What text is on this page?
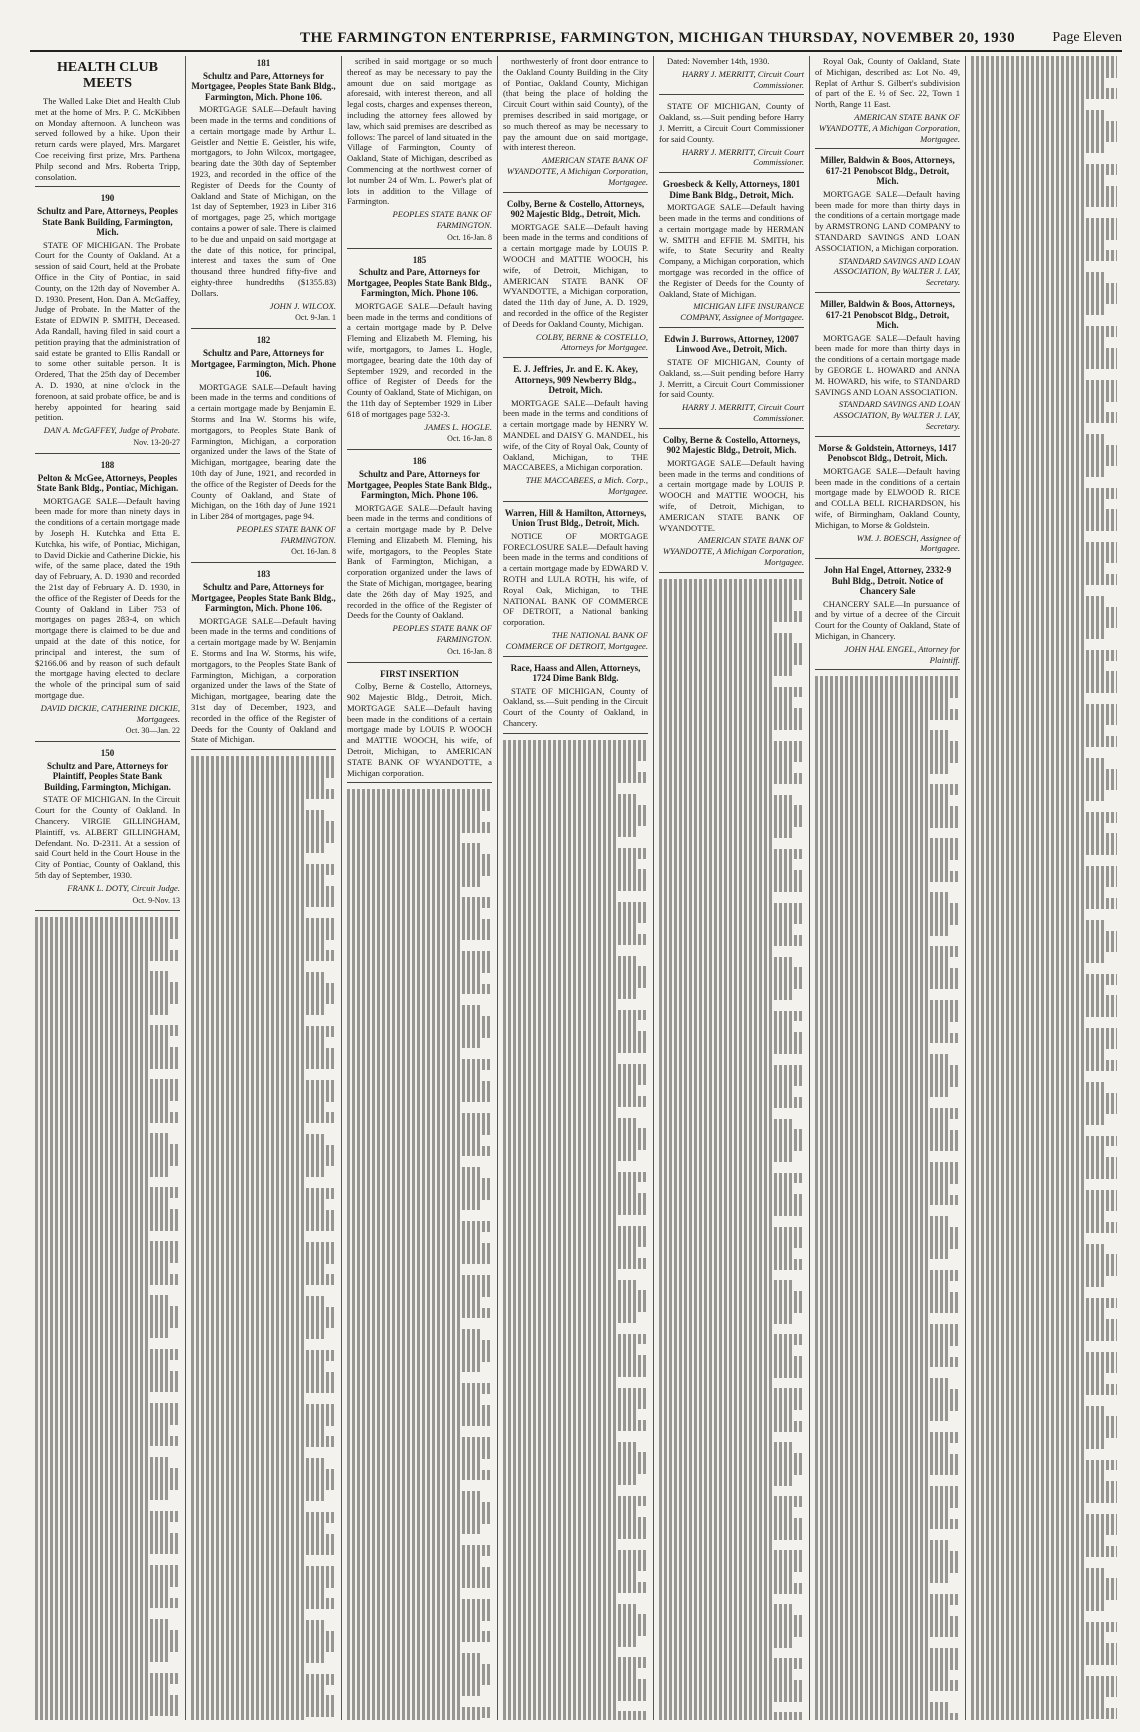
THE FARMINGTON ENTERPRISE, FARMINGTON, MICHIGAN THURSDAY, NOVEMBER 20, 1930	Page Eleven
HEALTH CLUB MEETS
The Walled Lake Diet and Health Club met at the home of Mrs. P. C. McKibben on Monday afternoon. A luncheon was served followed by a hike. Upon their return cards were played, Mrs. Margaret Coe receiving first prize, Mrs. Parthena Philp second and Mrs. Roberta Tripp, consolation.
190
Schultz and Pare, Attorneys, Peoples State Bank Building, Farmington, Mich.
STATE OF MICHIGAN. The Probate Court for the County of Oakland. At a session of said Court, held at the Probate Office in the City of Pontiac, in said County, on the 12th day of November A. D. 1930. Present, Hon. Dan A. McGaffey, Judge of Probate. In the Matter of the Estate of EDWIN P. SMITH, Deceased. Ada Randall, having filed in said court a petition praying that the administration of said estate be granted to Ellis Randall or to some other suitable person. It is Ordered, That the 25th day of December A. D. 1930, at nine o'clock in the forenoon, at said probate office, be and is hereby appointed for hearing said petition.
DAN A. McGAFFEY, Judge of Probate.
Nov. 13-20-27
188
Pelton & McGee, Attorneys, Peoples State Bank Bldg., Pontiac, Michigan.
MORTGAGE SALE—Default having been made for more than ninety days in the conditions of a certain mortgage made by Joseph H. Kutchka and Etta E. Kutchka, his wife, of Pontiac, Michigan, to David Dickie and Catherine Dickie, his wife, of the same place, dated the 19th day of February, A. D. 1930 and recorded the 21st day of February A. D. 1930, in the office of the Register of Deeds for the County of Oakland in Liber 753 of mortgages on pages 283-4, on which mortgage there is claimed to be due and unpaid at the date of this notice, for principal and interest, the sum of $2166.06 and by reason of such default the mortgage having elected to declare the whole of the principal sum of said mortgage due.
DAVID DICKIE, CATHERINE DICKIE, Mortgagees.
Oct. 30—Jan. 22
150
Schultz and Pare, Attorneys for Plaintiff, Peoples State Bank Building, Farmington, Michigan.
STATE OF MICHIGAN. In the Circuit Court for the County of Oakland. In Chancery. VIRGIE GILLINGHAM, Plaintiff, vs. ALBERT GILLINGHAM, Defendant. No. D-2311. At a session of said Court held in the Court House in the City of Pontiac, County of Oakland, this 5th day of September, 1930.
FRANK L. DOTY, Circuit Judge.
Oct. 9-Nov. 13
181
Schultz and Pare, Attorneys for Mortgagee, Peoples State Bank Bldg., Farmington, Mich. Phone 106.
MORTGAGE SALE—Default having been made in the terms and conditions of a certain mortgage made by Arthur L. Geistler and Nettie E. Geistler, his wife, mortgagors, to John Wilcox, mortgagee, bearing date the 30th day of September 1923, and recorded in the office of the Register of Deeds for the County of Oakland and State of Michigan, on the 1st day of September, 1923 in Liber 316 of mortgages, page 25, which mortgage contains a power of sale. There is claimed to be due and unpaid on said mortgage at the date of this notice, for principal, interest and taxes the sum of One thousand three hundred fifty-five and eighty-three hundredths ($1355.83) Dollars.
JOHN J. WILCOX.
Oct. 9-Jan. 1
182
Schultz and Pare, Attorneys for Mortgagee, Farmington, Mich. Phone 106.
MORTGAGE SALE—Default having been made in the terms and conditions of a certain mortgage made by Benjamin E. Storms and Ina W. Storms his wife, mortgagors, to Peoples State Bank of Farmington, Michigan, a corporation organized under the laws of the State of Michigan, mortgagee, bearing date the 10th day of June, 1921, and recorded in the office of the Register of Deeds for the County of Oakland, and State of Michigan, on the 16th day of June 1921 in Liber 284 of mortgages, page 94.
PEOPLES STATE BANK OF FARMINGTON.
Oct. 16-Jan. 8
183
Schultz and Pare, Attorneys for Mortgagee, Peoples State Bank Bldg., Farmington, Mich. Phone 106.
MORTGAGE SALE—Default having been made in the terms and conditions of a certain mortgage made by W. Benjamin E. Storms and Ina W. Storms, his wife, mortgagors, to the Peoples State Bank of Farmington, Michigan, a corporation organized under the laws of the State of Michigan, mortgagee, bearing date the 31st day of December, 1923, and recorded in the office of the Register of Deeds for the County of Oakland and State of Michigan.
scribed in said mortgage or so much thereof as may be necessary to pay the amount due on said mortgage as aforesaid, with interest thereon, and all legal costs, charges and expenses thereon, including the attorney fees allowed by law, which said premises are described as follows: The parcel of land situated in the Village of Farmington, County of Oakland, State of Michigan, described as Commencing at the northwest corner of lot number 24 of Wm. L. Power's plat of lots in addition to the Village of Farmington.
PEOPLES STATE BANK OF FARMINGTON.
Oct. 16-Jan. 8
185
Schultz and Pare, Attorneys for Mortgagee, Peoples State Bank Bldg., Farmington, Mich. Phone 106.
MORTGAGE SALE—Default having been made in the terms and conditions of a certain mortgage made by P. Delve Fleming and Elizabeth M. Fleming, his wife, mortgagors, to James L. Hogle, mortgagee, bearing date the 10th day of September 1929, and recorded in the office of Register of Deeds for the County of Oakland, State of Michigan, on the 11th day of September 1929 in Liber 618 of mortgages page 532-3.
JAMES L. HOGLE.
Oct. 16-Jan. 8
186
Schultz and Pare, Attorneys for Mortgagee, Peoples State Bank Bldg., Farmington, Mich. Phone 106.
MORTGAGE SALE—Default having been made in the terms and conditions of a certain mortgage made by P. Delve Fleming and Elizabeth M. Fleming, his wife, mortgagors, to the Peoples State Bank of Farmington, Michigan, a corporation organized under the laws of the State of Michigan, mortgagee, bearing date the 26th day of May 1925, and recorded in the office of the Register of Deeds for the County of Oakland.
PEOPLES STATE BANK OF FARMINGTON.
Oct. 16-Jan. 8
FIRST INSERTION
Colby, Berne & Costello, Attorneys, 902 Majestic Bldg., Detroit, Mich. MORTGAGE SALE—Default having been made in the conditions of a certain mortgage made by LOUIS P. WOOCH and MATTIE WOOCH, his wife, of Detroit, Michigan, to AMERICAN STATE BANK OF WYANDOTTE, a Michigan corporation.
northwesterly of front door entrance to the Oakland County Building in the City of Pontiac, Oakland County, Michigan (that being the place of holding the Circuit Court within said County), of the premises described in said mortgage, or so much thereof as may be necessary to pay the amount due on said mortgage, with interest thereon.
AMERICAN STATE BANK OF WYANDOTTE, A Michigan Corporation, Mortgagee.
Colby, Berne & Costello, Attorneys, 902 Majestic Bldg., Detroit, Mich.
MORTGAGE SALE—Default having been made in the terms and conditions of a certain mortgage made by LOUIS P. WOOCH and MATTIE WOOCH, his wife, of Detroit, Michigan, to AMERICAN STATE BANK OF WYANDOTTE, a Michigan corporation, dated the 11th day of June, A. D. 1929, and recorded in the office of the Register of Deeds for Oakland County, Michigan.
COLBY, BERNE & COSTELLO, Attorneys for Mortgagee.
E. J. Jeffries, Jr. and E. K. Akey, Attorneys, 909 Newberry Bldg., Detroit, Mich.
MORTGAGE SALE—Default having been made in the terms and conditions of a certain mortgage made by HENRY W. MANDEL and DAISY G. MANDEL, his wife, of the City of Royal Oak, County of Oakland, Michigan, to THE MACCABEES, a Michigan corporation.
THE MACCABEES, a Mich. Corp., Mortgagee.
Warren, Hill & Hamilton, Attorneys, Union Trust Bldg., Detroit, Mich.
NOTICE OF MORTGAGE FORECLOSURE SALE—Default having been made in the terms and conditions of a certain mortgage made by EDWARD V. ROTH and LULA ROTH, his wife, of Royal Oak, Michigan, to THE NATIONAL BANK OF COMMERCE OF DETROIT, a National banking corporation.
THE NATIONAL BANK OF COMMERCE OF DETROIT, Mortgagee.
Race, Haass and Allen, Attorneys, 1724 Dime Bank Bldg.
STATE OF MICHIGAN, County of Oakland, ss.—Suit pending in the Circuit Court of the County of Oakland, in Chancery.
Dated: November 14th, 1930.
HARRY J. MERRITT, Circuit Court Commissioner.
STATE OF MICHIGAN, County of Oakland, ss.—Suit pending before Harry J. Merritt, a Circuit Court Commissioner for said County.
HARRY J. MERRITT, Circuit Court Commissioner.
Groesbeck & Kelly, Attorneys, 1801 Dime Bank Bldg., Detroit, Mich.
MORTGAGE SALE—Default having been made in the terms and conditions of a certain mortgage made by HERMAN W. SMITH and EFFIE M. SMITH, his wife, to State Security and Realty Company, a Michigan corporation, which mortgage was recorded in the office of the Register of Deeds for the County of Oakland, State of Michigan.
MICHIGAN LIFE INSURANCE COMPANY, Assignee of Mortgagee.
Edwin J. Burrows, Attorney, 12007 Linwood Ave., Detroit, Mich.
STATE OF MICHIGAN, County of Oakland, ss.—Suit pending before Harry J. Merritt, a Circuit Court Commissioner for said County.
HARRY J. MERRITT, Circuit Court Commissioner.
Colby, Berne & Costello, Attorneys, 902 Majestic Bldg., Detroit, Mich.
MORTGAGE SALE—Default having been made in the terms and conditions of a certain mortgage made by LOUIS P. WOOCH and MATTIE WOOCH, his wife, of Detroit, Michigan, to AMERICAN STATE BANK OF WYANDOTTE.
AMERICAN STATE BANK OF WYANDOTTE, A Michigan Corporation, Mortgagee.
Royal Oak, County of Oakland, State of Michigan, described as: Lot No. 49, Replat of Arthur S. Gilbert's subdivision of part of the E. ½ of Sec. 22, Town 1 North, Range 11 East.
AMERICAN STATE BANK OF WYANDOTTE, A Michigan Corporation, Mortgagee.
Miller, Baldwin & Boos, Attorneys, 617-21 Penobscot Bldg., Detroit, Mich.
MORTGAGE SALE—Default having been made for more than thirty days in the conditions of a certain mortgage made by ARMSTRONG LAND COMPANY to STANDARD SAVINGS AND LOAN ASSOCIATION, a Michigan corporation.
STANDARD SAVINGS AND LOAN ASSOCIATION, By WALTER J. LAY, Secretary.
Miller, Baldwin & Boos, Attorneys, 617-21 Penobscot Bldg., Detroit, Mich.
MORTGAGE SALE—Default having been made for more than thirty days in the conditions of a certain mortgage made by GEORGE L. HOWARD and ANNA M. HOWARD, his wife, to STANDARD SAVINGS AND LOAN ASSOCIATION.
STANDARD SAVINGS AND LOAN ASSOCIATION, By WALTER J. LAY, Secretary.
Morse & Goldstein, Attorneys, 1417 Penobscot Bldg., Detroit, Mich.
MORTGAGE SALE—Default having been made in the conditions of a certain mortgage made by ELWOOD R. RICE and COLLA BELL RICHARDSON, his wife, of Birmingham, Oakland County, Michigan, to Morse & Goldstein.
WM. J. BOESCH, Assignee of Mortgagee.
John Hal Engel, Attorney, 2332-9 Buhl Bldg., Detroit. Notice of Chancery Sale
CHANCERY SALE—In pursuance of and by virtue of a decree of the Circuit Court for the County of Oakland, State of Michigan, in Chancery.
JOHN HAL ENGEL, Attorney for Plaintiff.
